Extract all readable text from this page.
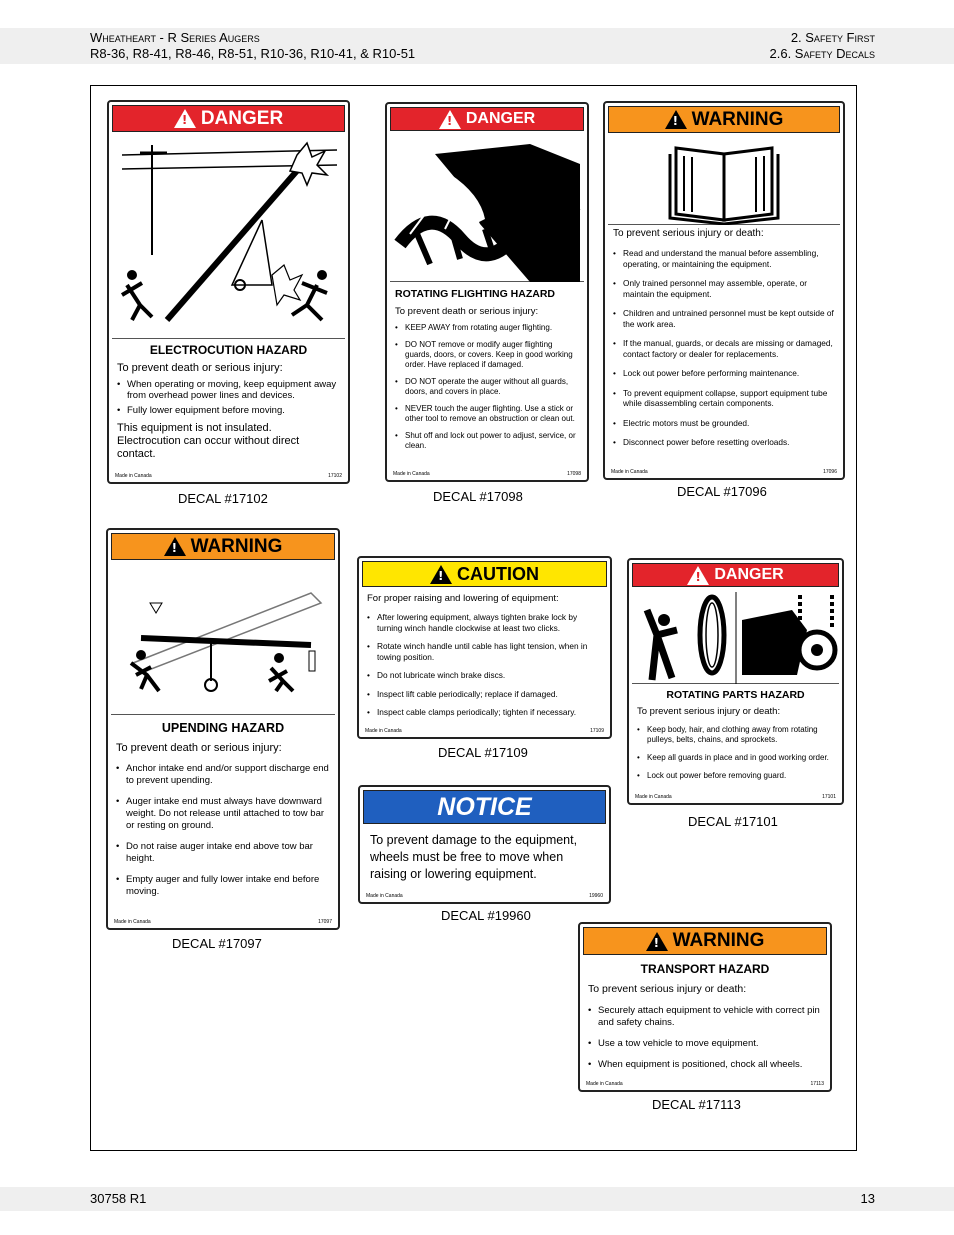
Wheatheart - R Series Augers
R8-36, R8-41, R8-46, R8-51, R10-36, R10-41, & R10-51
2. Safety First
2.6. Safety Decals
!
DANGER
ELECTROCUTION HAZARD
To prevent death or serious injury:
• When operating or moving, keep equipment away from overhead power lines and devices.
• Fully lower equipment before moving.
This equipment is not insulated. Electrocution can occur without direct contact.
Made in Canada	17102
DECAL #17102
!
DANGER
ROTATING FLIGHTING HAZARD
To prevent death or serious injury:
• KEEP AWAY from rotating auger flighting.
• DO NOT remove or modify auger flighting guards, doors, or covers. Keep in good working order. Have replaced if damaged.
• DO NOT operate the auger without all guards, doors, and covers in place.
• NEVER touch the auger flighting. Use a stick or other tool to remove an obstruction or clean out.
• Shut off and lock out power to adjust, service, or clean.
Made in Canada	17098
DECAL #17098
!
WARNING
To prevent serious injury or death:
• Read and understand the manual before assembling, operating, or maintaining the equipment.
• Only trained personnel may assemble, operate, or maintain the equipment.
• Children and untrained personnel must be kept outside of the work area.
• If the manual, guards, or decals are missing or damaged, contact factory or dealer for replacements.
• Lock out power before performing maintenance.
• To prevent equipment collapse, support equipment tube while disassembling certain components.
• Electric motors must be grounded.
• Disconnect power before resetting overloads.
Made in Canada	17096
DECAL #17096
!
WARNING
UPENDING HAZARD
To prevent death or serious injury:
• Anchor intake end and/or support discharge end to prevent upending.
• Auger intake end must always have downward weight. Do not release until attached to tow bar or resting on ground.
• Do not raise auger intake end above tow bar height.
• Empty auger and fully lower intake end before moving.
Made in Canada	17097
DECAL #17097
!
CAUTION
For proper raising and lowering of equipment:
• After lowering equipment, always tighten brake lock by turning winch handle clockwise at least two clicks.
• Rotate winch handle until cable has light tension, when in towing position.
• Do not lubricate winch brake discs.
• Inspect lift cable periodically; replace if damaged.
• Inspect cable clamps periodically; tighten if necessary.
Made in Canada	17109
DECAL #17109
!
DANGER
ROTATING PARTS HAZARD
To prevent serious injury or death:
• Keep body, hair, and clothing away from rotating pulleys, belts, chains, and sprockets.
• Keep all guards in place and in good working order.
• Lock out power before removing guard.
Made in Canada	17101
DECAL #17101
NOTICE
To prevent damage to the equipment, wheels must be free to move when raising or lowering equipment.
Made in Canada	19960
DECAL #19960
!
WARNING
TRANSPORT HAZARD
To prevent serious injury or death:
• Securely attach equipment to vehicle with correct pin and safety chains.
• Use a tow vehicle to move equipment.
• When equipment is positioned, chock all wheels.
Made in Canada	17113
DECAL #17113
30758 R1	13
